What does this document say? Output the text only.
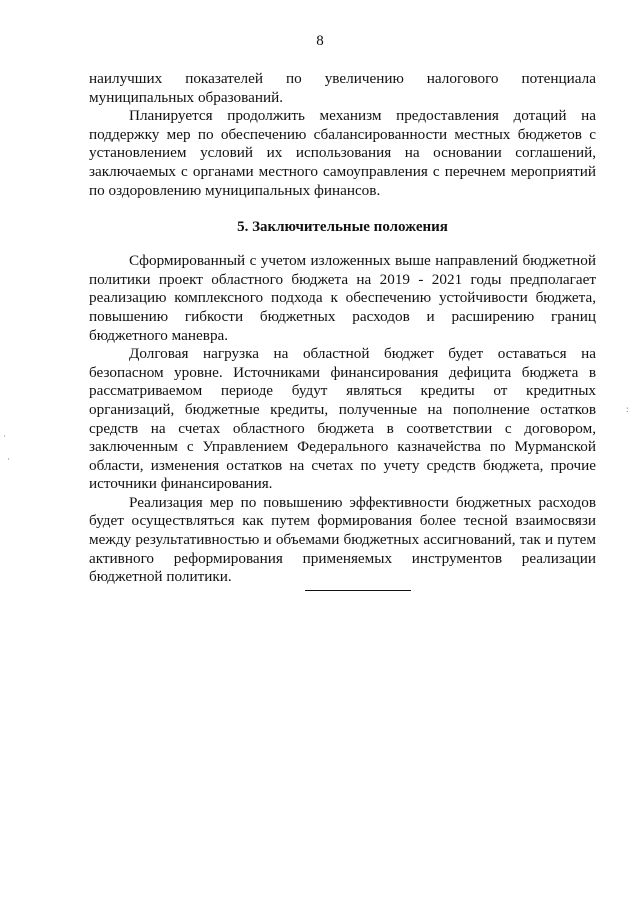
8

наилучших показателей по увеличению налогового потенциала муниципальных образований.

Планируется продолжить механизм предоставления дотаций на поддержку мер по обеспечению сбалансированности местных бюджетов с установлением условий их использования на основании соглашений, заключаемых с органами местного самоуправления с перечнем мероприятий по оздоровлению муниципальных финансов.

5. Заключительные положения

Сформированный с учетом изложенных выше направлений бюджетной политики проект областного бюджета на 2019 - 2021 годы предполагает реализацию комплексного подхода к обеспечению устойчивости бюджета, повышению гибкости бюджетных расходов и расширению границ бюджетного маневра.

Долговая нагрузка на областной бюджет будет оставаться на безопасном уровне. Источниками финансирования дефицита бюджета в рассматриваемом периоде будут являться кредиты от кредитных организаций, бюджетные кредиты, полученные на пополнение остатков средств на счетах областного бюджета в соответствии с договором, заключенным с Управлением Федерального казначейства по Мурманской области, изменения остатков на счетах по учету средств бюджета, прочие источники финансирования.

Реализация мер по повышению эффективности бюджетных расходов будет осуществляться как путем формирования более тесной взаимосвязи между результативностью и объемами бюджетных ассигнований, так и путем активного реформирования применяемых инструментов реализации бюджетной политики.

·
·
:
